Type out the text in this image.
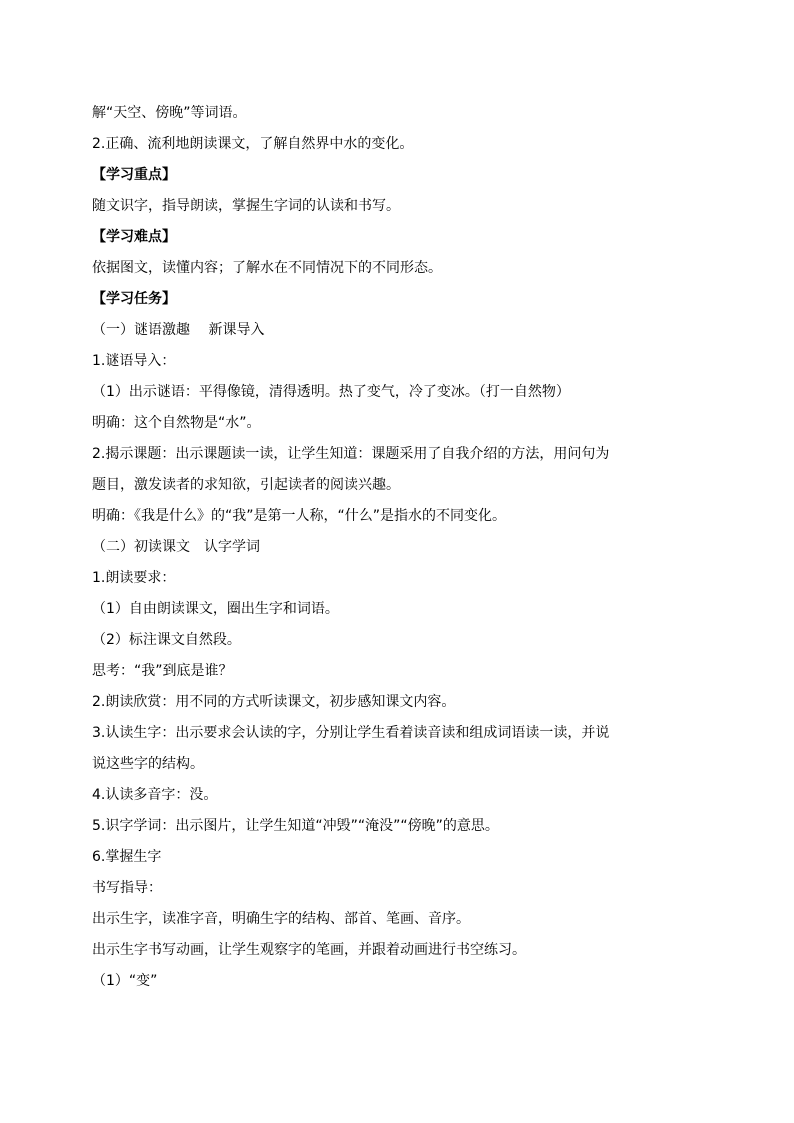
解“天空、傍晚”等词语。
2.正确、流利地朗读课文，了解自然界中水的变化。
【学习重点】
随文识字，指导朗读，掌握生字词的认读和书写。
【学习难点】
依据图文，读懂内容；了解水在不同情况下的不同形态。
【学习任务】
（一）谜语激趣　 新课导入
1.谜语导入：
（1）出示谜语：平得像镜，清得透明。热了变气，冷了变冰。（打一自然物）
明确：这个自然物是“水”。
2.揭示课题：出示课题读一读，让学生知道：课题采用了自我介绍的方法，用问句为
题目，激发读者的求知欲，引起读者的阅读兴趣。
明确：《我是什么》的“我”是第一人称，“什么”是指水的不同变化。
（二）初读课文　认字学词
1.朗读要求：
（1）自由朗读课文，圈出生字和词语。
（2）标注课文自然段。
思考：“我”到底是谁？
2.朗读欣赏：用不同的方式听读课文，初步感知课文内容。
3.认读生字：出示要求会认读的字，分别让学生看着读音读和组成词语读一读，并说
说这些字的结构。
4.认读多音字：没。
5.识字学词：出示图片，让学生知道“冲毁”“淹没”“傍晚”的意思。
6.掌握生字
书写指导：
出示生字，读准字音，明确生字的结构、部首、笔画、音序。
出示生字书写动画，让学生观察字的笔画，并跟着动画进行书空练习。
（1）“变”
